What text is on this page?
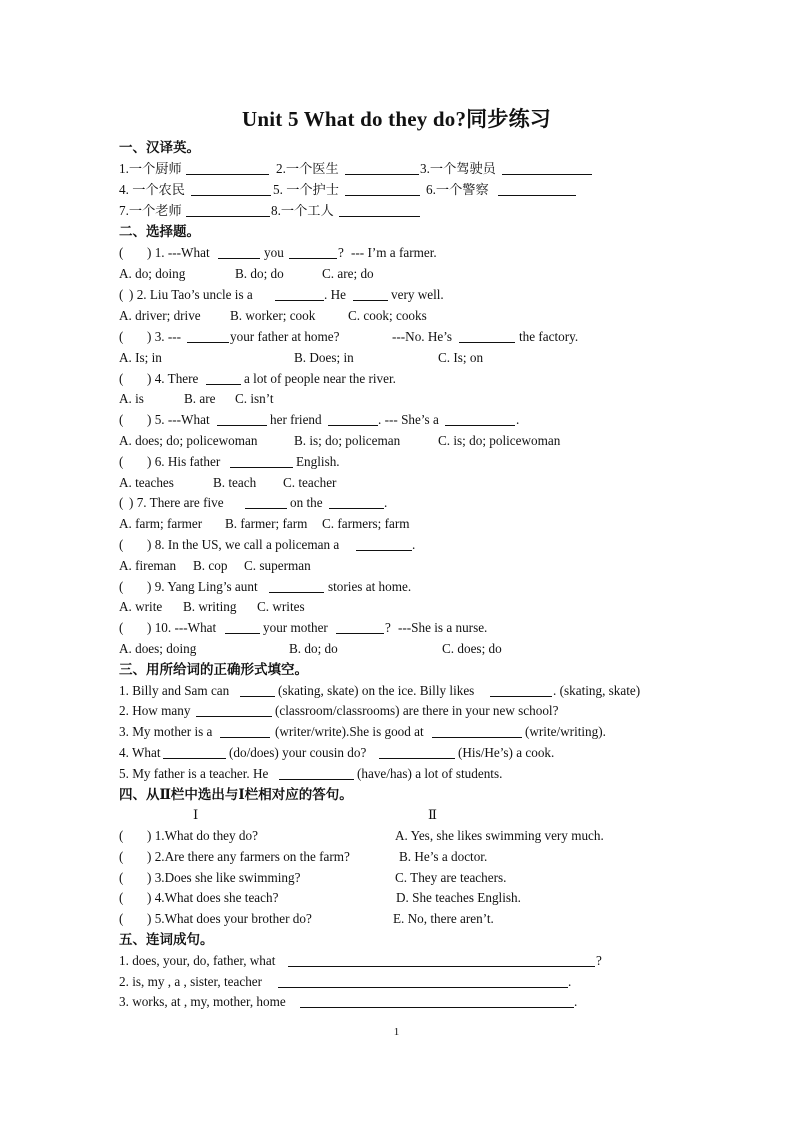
Unit 5 What do they do?同步练习
一、汉译英。
1.一个厨师	2.一个医生	3.一个驾驶员
4. 一个农民	5. 一个护士	6.一个警察
7.一个老师	8.一个工人
二、选择题。
( ) 1. ---What	you	? --- I’m a farmer.
A. do; doing	B. do; do	C. are; do
( ) 2. Liu Tao’s uncle is a	. He	very well.
A. driver; drive B. worker; cook C. cook; cooks
( ) 3. ---	your father at home?	---No. He’s	the factory.
A. Is; in	B. Does; in	C. Is; on
( ) 4. There	a lot of people near the river.
A. is	B. are C. isn’t
( ) 5. ---What	her friend	. --- She’s a	.
A. does; do; policewoman	B. is; do; policeman	C. is; do; policewoman
( ) 6. His father	English.
A. teaches	B. teach C. teacher
( ) 7. There are five	on the	.
A. farm; farmer B. farmer; farm C. farmers; farm
( ) 8. In the US, we call a policeman a	.
A. fireman B. cop C. superman
( ) 9. Yang Ling’s aunt	stories at home.
A. write B. writing C. writes
( ) 10. ---What	your mother	? ---She is a nurse.
A. does; doing	B. do; do	C. does; do
三、用所给词的正确形式填空。
1. Billy and Sam can	(skating, skate) on the ice. Billy likes	. (skating, skate)
2. How many	(classroom/classrooms) are there in your new school?
3. My mother is a	(writer/write).She is good at	(write/writing).
4. What	(do/does) your cousin do?	(His/He’s) a cook.
5. My father is a teacher. He	(have/has) a lot of students.
四、从Ⅱ栏中选出与Ⅰ栏相对应的答句。
Ⅰ	Ⅱ
( ) 1.What do they do?	A. Yes, she likes swimming very much.
( ) 2.Are there any farmers on the farm?	B. He’s a doctor.
( ) 3.Does she like swimming?	C. They are teachers.
( ) 4.What does she teach?	D. She teaches English.
( ) 5.What does your brother do?	E. No, there aren’t.
五、连词成句。
1. does, your, do, father, what	?
2. is, my , a , sister, teacher	.
3. works, at , my, mother, home	.
1
